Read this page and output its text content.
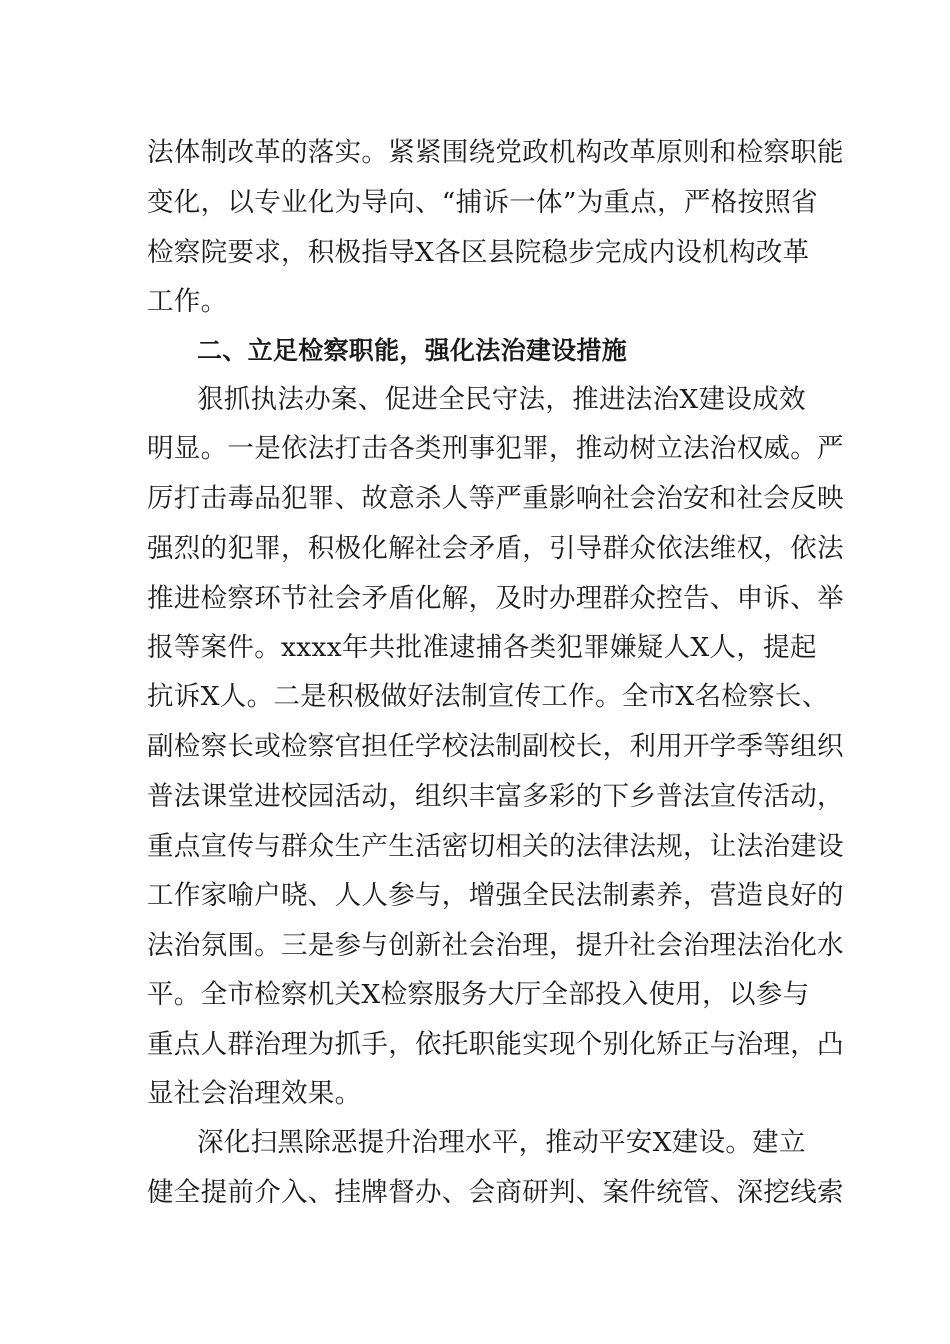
法体制改革的落实。紧紧围绕党政机构改革原则和检察职能
变化，以专业化为导向、“捕诉一体”为重点，严格按照省
检察院要求，积极指导X各区县院稳步完成内设机构改革
工作。
二、立足检察职能，强化法治建设措施
狠抓执法办案、促进全民守法，推进法治X建设成效
明显。一是依法打击各类刑事犯罪，推动树立法治权威。严
厉打击毒品犯罪、故意杀人等严重影响社会治安和社会反映
强烈的犯罪，积极化解社会矛盾，引导群众依法维权，依法
推进检察环节社会矛盾化解，及时办理群众控告、申诉、举
报等案件。xxxx年共批准逮捕各类犯罪嫌疑人X人，提起
抗诉X人。二是积极做好法制宣传工作。全市X名检察长、
副检察长或检察官担任学校法制副校长，利用开学季等组织
普法课堂进校园活动，组织丰富多彩的下乡普法宣传活动，
重点宣传与群众生产生活密切相关的法律法规，让法治建设
工作家喻户晓、人人参与，增强全民法制素养，营造良好的
法治氛围。三是参与创新社会治理，提升社会治理法治化水
平。全市检察机关X检察服务大厅全部投入使用，以参与
重点人群治理为抓手，依托职能实现个别化矫正与治理，凸
显社会治理效果。
深化扫黑除恶提升治理水平，推动平安X建设。建立
健全提前介入、挂牌督办、会商研判、案件统管、深挖线索
